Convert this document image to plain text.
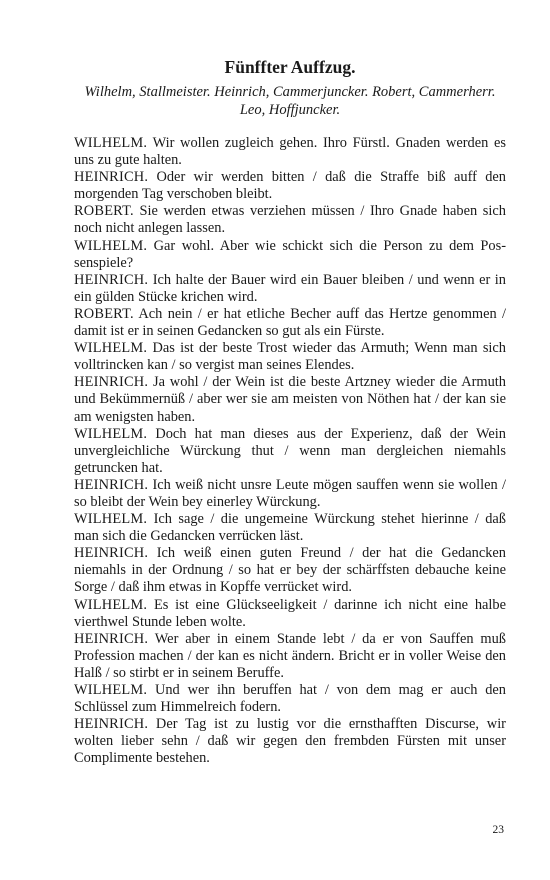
Fünffter Auffzug.
Wilhelm, Stallmeister. Heinrich, Cammerjuncker. Robert, Cammerherr.
Leo, Hoffjuncker.

WILHELM. Wir wollen zugleich gehen. Ihro Fürstl. Gnaden werden es uns zu gute halten.

HEINRICH. Oder wir werden bitten / daß die Straffe biß auff den morgenden Tag verschoben bleibt.

ROBERT. Sie werden etwas verziehen müssen / Ihro Gnade haben sich noch nicht anlegen lassen.

WILHELM. Gar wohl. Aber wie schickt sich die Person zu dem Possenspiele?

HEINRICH. Ich halte der Bauer wird ein Bauer bleiben / und wenn er in ein gülden Stücke krichen wird.

ROBERT. Ach nein / er hat etliche Becher auff das Hertze genommen / damit ist er in seinen Gedancken so gut als ein Fürste.

WILHELM. Das ist der beste Trost wieder das Armuth; Wenn man sich volltrincken kan / so vergist man seines Elendes.

HEINRICH. Ja wohl / der Wein ist die beste Artzney wieder die Armuth und Bekümmernüß / aber wer sie am meisten von Nöthen hat / der kan sie am wenigsten haben.

WILHELM. Doch hat man dieses aus der Experienz, daß der Wein unvergleichliche Würckung thut / wenn man dergleichen niemahls getruncken hat.

HEINRICH. Ich weiß nicht unsre Leute mögen sauffen wenn sie wollen / so bleibt der Wein bey einerley Würckung.

WILHELM. Ich sage / die ungemeine Würckung stehet hierinne / daß man sich die Gedancken verrücken läst.

HEINRICH. Ich weiß einen guten Freund / der hat die Gedancken niemahls in der Ordnung / so hat er bey der schärffsten debauche keine Sorge / daß ihm etwas in Kopffe verrücket wird.

WILHELM. Es ist eine Glückseeligkeit / darinne ich nicht eine halbe vierthwel Stunde leben wolte.

HEINRICH. Wer aber in einem Stande lebt / da er von Sauffen muß Profession machen / der kan es nicht ändern. Bricht er in voller Weise den Halß / so stirbt er in seinem Beruffe.

WILHELM. Und wer ihn beruffen hat / von dem mag er auch den Schlüssel zum Himmelreich fodern.

HEINRICH. Der Tag ist zu lustig vor die ernsthafften Discurse, wir wolten lieber sehn / daß wir gegen den frembden Fürsten mit unser Complimente bestehen.

23
